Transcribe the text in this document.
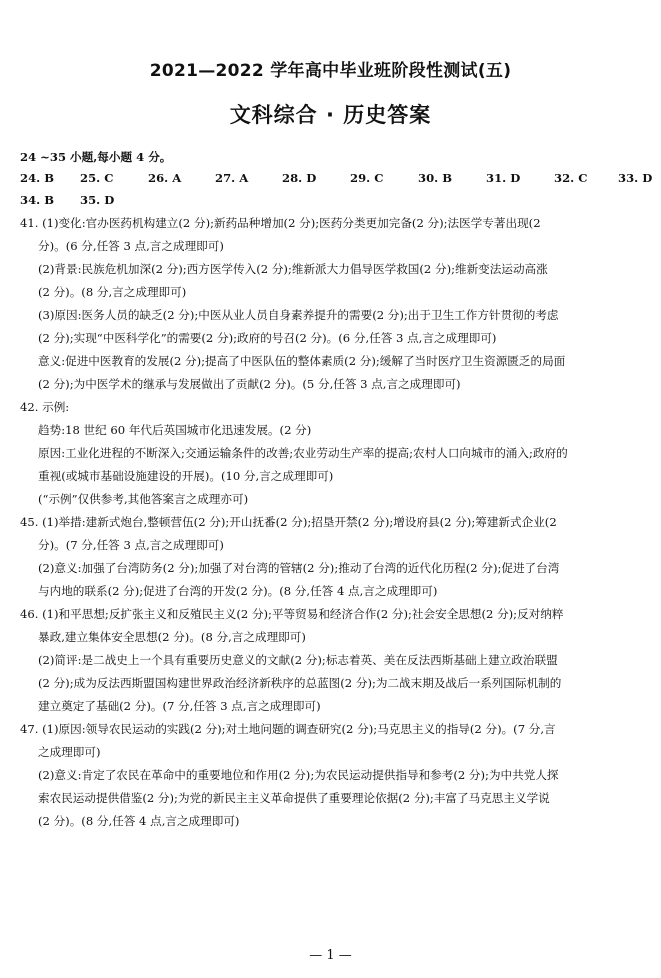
2021—2022 学年高中毕业班阶段性测试(五)
文科综合 · 历史答案
24 ~35 小题,每小题 4 分。
24. B 25. C	26. A	27. A	28. D	29. C	30. B	31. D	32. C	33. D
34. B 35. D
41. (1)变化:官办医药机构建立(2 分);新药品种增加(2 分);医药分类更加完备(2 分);法医学专著出现(2
分)。(6 分,任答 3 点,言之成理即可)
(2)背景:民族危机加深(2 分);西方医学传入(2 分);维新派大力倡导医学救国(2 分);维新变法运动高涨
(2 分)。(8 分,言之成理即可)
(3)原因:医务人员的缺乏(2 分);中医从业人员自身素养提升的需要(2 分);出于卫生工作方针贯彻的考虑
(2 分);实现“中医科学化”的需要(2 分);政府的号召(2 分)。(6 分,任答 3 点,言之成理即可)
意义:促进中医教育的发展(2 分);提高了中医队伍的整体素质(2 分);缓解了当时医疗卫生资源匮乏的局面
(2 分);为中医学术的继承与发展做出了贡献(2 分)。(5 分,任答 3 点,言之成理即可)
42. 示例:
趋势:18 世纪 60 年代后英国城市化迅速发展。(2 分)
原因:工业化进程的不断深入;交通运输条件的改善;农业劳动生产率的提高;农村人口向城市的涌入;政府的
重视(或城市基础设施建设的开展)。(10 分,言之成理即可)
(“示例”仅供参考,其他答案言之成理亦可)
45. (1)举措:建新式炮台,整顿营伍(2 分);开山抚番(2 分);招垦开禁(2 分);增设府县(2 分);筹建新式企业(2
分)。(7 分,任答 3 点,言之成理即可)
(2)意义:加强了台湾防务(2 分);加强了对台湾的管辖(2 分);推动了台湾的近代化历程(2 分);促进了台湾
与内地的联系(2 分);促进了台湾的开发(2 分)。(8 分,任答 4 点,言之成理即可)
46. (1)和平思想;反扩张主义和反殖民主义(2 分);平等贸易和经济合作(2 分);社会安全思想(2 分);反对纳粹
暴政,建立集体安全思想(2 分)。(8 分,言之成理即可)
(2)简评:是二战史上一个具有重要历史意义的文献(2 分);标志着英、美在反法西斯基础上建立政治联盟
(2 分);成为反法西斯盟国构建世界政治经济新秩序的总蓝图(2 分);为二战末期及战后一系列国际机制的
建立奠定了基础(2 分)。(7 分,任答 3 点,言之成理即可)
47. (1)原因:领导农民运动的实践(2 分);对土地问题的调查研究(2 分);马克思主义的指导(2 分)。(7 分,言
之成理即可)
(2)意义:肯定了农民在革命中的重要地位和作用(2 分);为农民运动提供指导和参考(2 分);为中共党人探
索农民运动提供借鉴(2 分);为党的新民主主义革命提供了重要理论依据(2 分);丰富了马克思主义学说
(2 分)。(8 分,任答 4 点,言之成理即可)
— 1 —
